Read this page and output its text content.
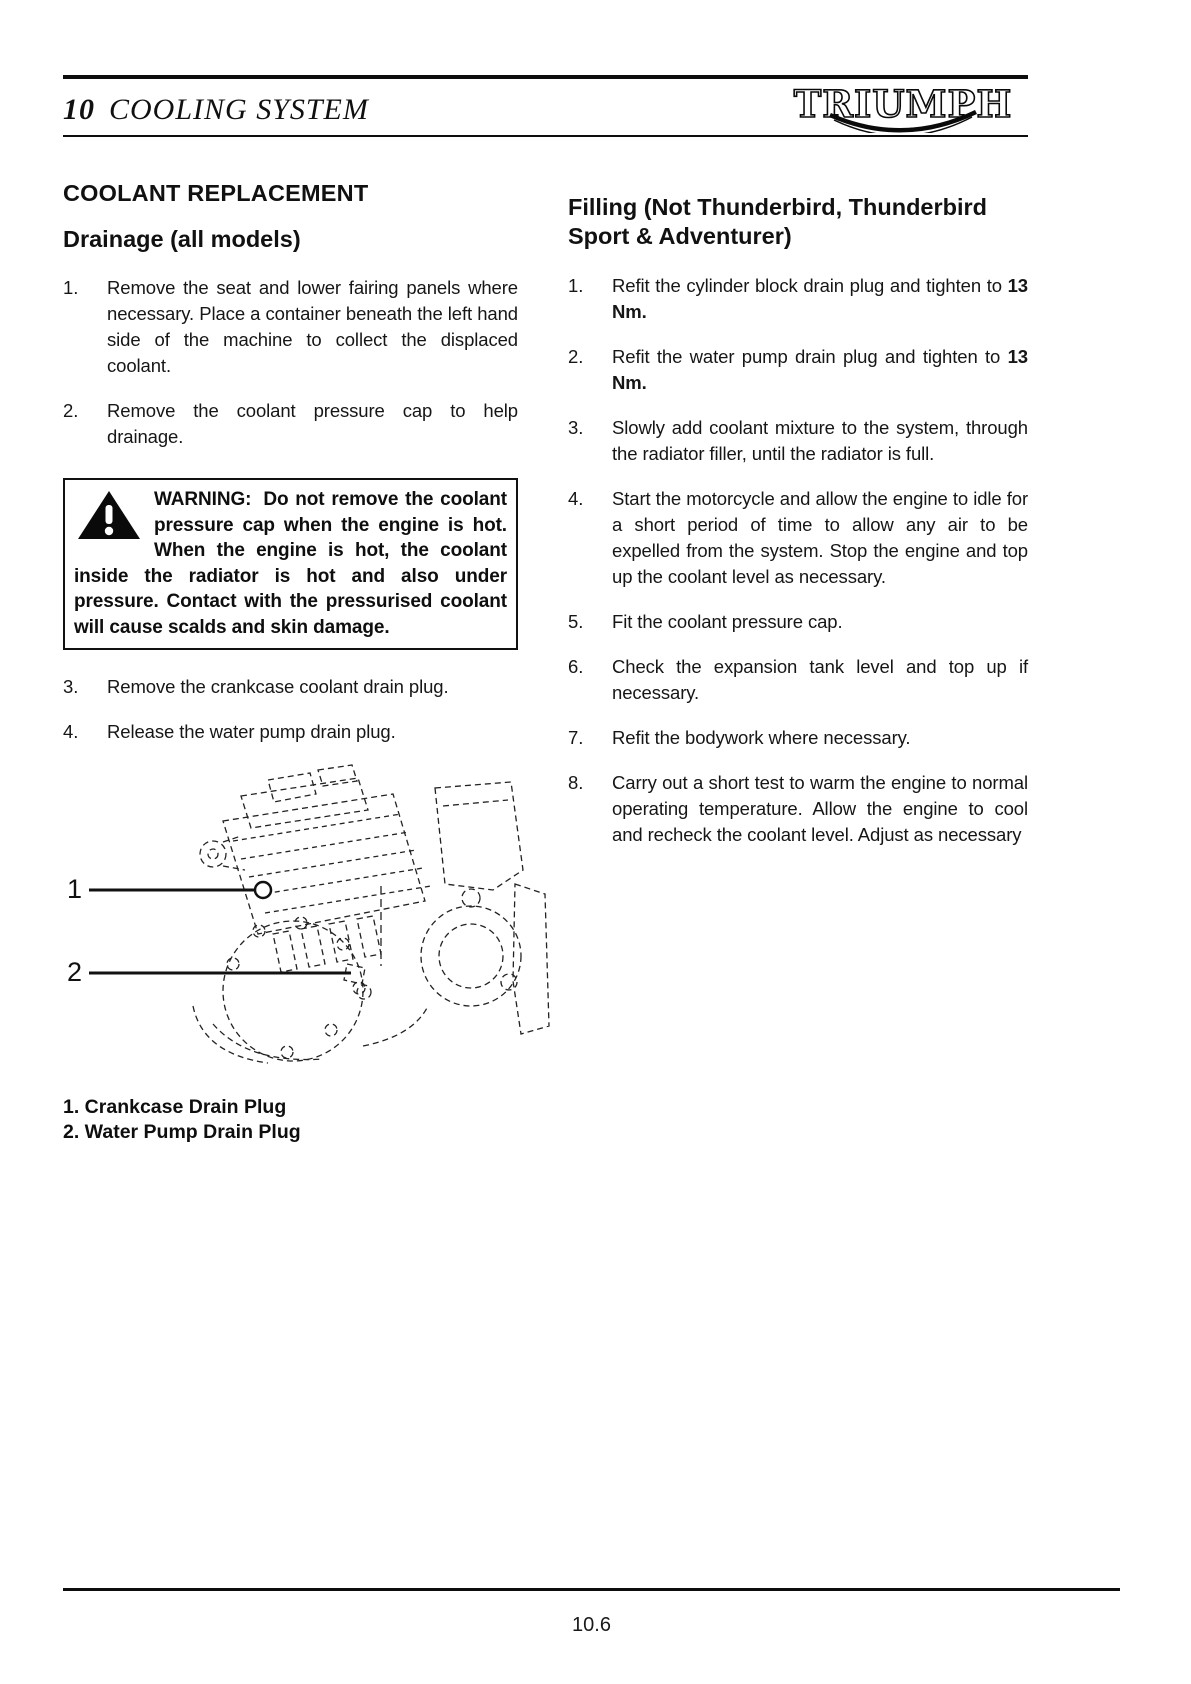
10 COOLING SYSTEM	TRIUMPH
COOLANT REPLACEMENT
Drainage (all models)
1.	Remove the seat and lower fairing panels where necessary. Place a container beneath the left hand side of the machine to collect the displaced coolant.
2.	Remove the coolant pressure cap to help drainage.
WARNING: Do not remove the coolant pressure cap when the engine is hot. When the engine is hot, the coolant inside the radiator is hot and also under pressure. Contact with the pressurised coolant will cause scalds and skin damage.
3.	Remove the crankcase coolant drain plug.
4.	Release the water pump drain plug.
1
2
1. Crankcase Drain Plug
2. Water Pump Drain Plug
Filling (Not Thunderbird, Thunderbird Sport & Adventurer)
1.	Refit the cylinder block drain plug and tighten to 13 Nm.
2.	Refit the water pump drain plug and tighten to 13 Nm.
3.	Slowly add coolant mixture to the system, through the radiator filler, until the radiator is full.
4.	Start the motorcycle and allow the engine to idle for a short period of time to allow any air to be expelled from the system. Stop the engine and top up the coolant level as necessary.
5.	Fit the coolant pressure cap.
6.	Check the expansion tank level and top up if necessary.
7.	Refit the bodywork where necessary.
8.	Carry out a short test to warm the engine to normal operating temperature. Allow the engine to cool and recheck the coolant level. Adjust as necessary
10.6
